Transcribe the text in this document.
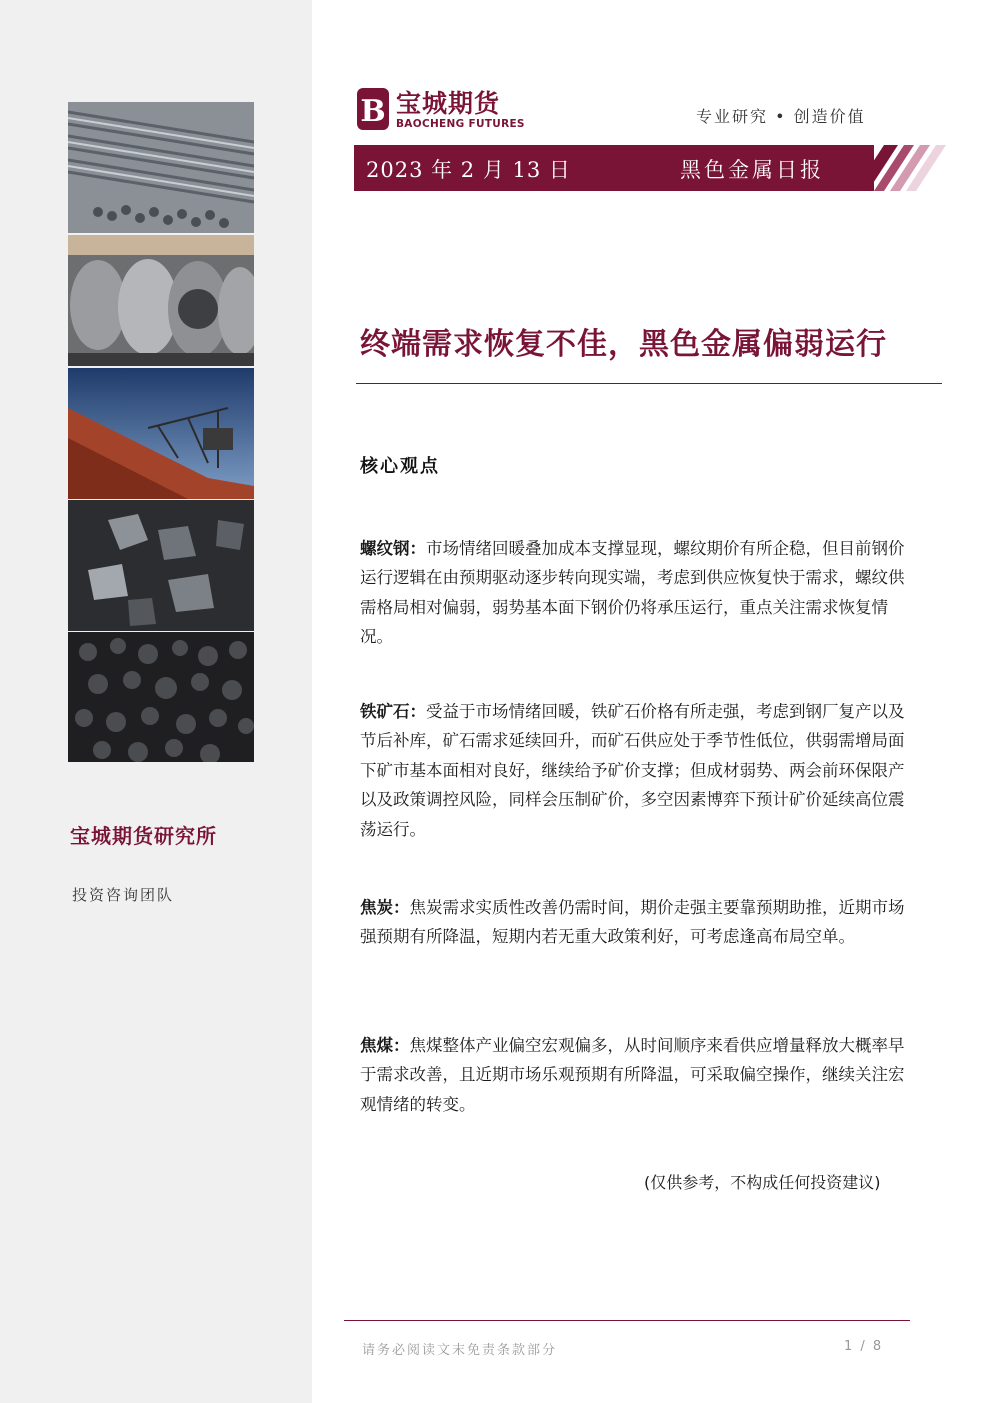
宝城期货研究所
投资咨询团队
B 宝城期货
BAOCHENG FUTURES	专业研究 • 创造价值
2023 年 2 月 13 日	黑色金属日报
终端需求恢复不佳，黑色金属偏弱运行
核心观点

螺纹钢：市场情绪回暖叠加成本支撑显现，螺纹期价有所企稳，但目前钢价运行逻辑在由预期驱动逐步转向现实端，考虑到供应恢复快于需求，螺纹供需格局相对偏弱，弱势基本面下钢价仍将承压运行，重点关注需求恢复情况。

铁矿石：受益于市场情绪回暖，铁矿石价格有所走强，考虑到钢厂复产以及节后补库，矿石需求延续回升，而矿石供应处于季节性低位，供弱需增局面下矿市基本面相对良好，继续给予矿价支撑；但成材弱势、两会前环保限产以及政策调控风险，同样会压制矿价，多空因素博弈下预计矿价延续高位震荡运行。

焦炭：焦炭需求实质性改善仍需时间，期价走强主要靠预期助推，近期市场强预期有所降温，短期内若无重大政策利好，可考虑逢高布局空单。

焦煤：焦煤整体产业偏空宏观偏多，从时间顺序来看供应增量释放大概率早于需求改善，且近期市场乐观预期有所降温，可采取偏空操作，继续关注宏观情绪的转变。

(仅供参考，不构成任何投资建议)
请务必阅读文末免责条款部分	1 / 8
